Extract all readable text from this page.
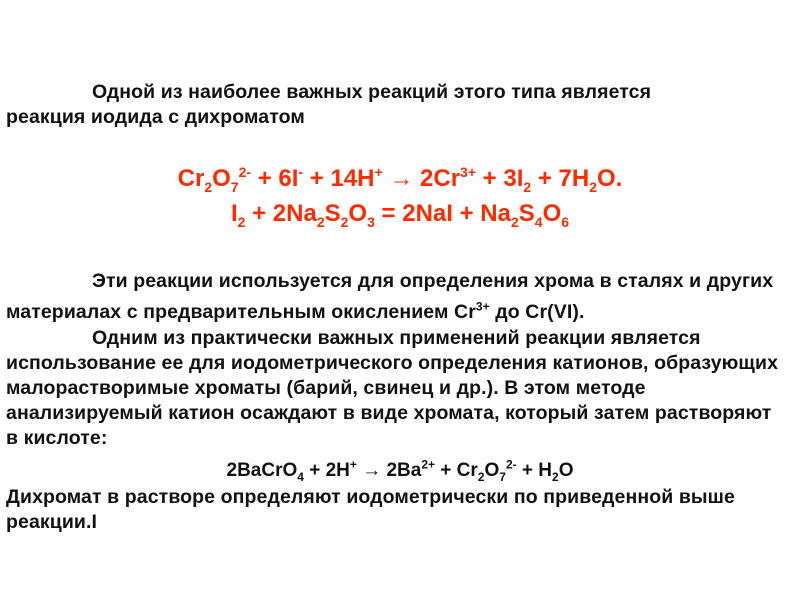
Одной из наиболее важных реакций этого типа является
реакция иодида с дихроматом
$Cr_2O_7^{2-} + 6I^- + 14H^+ \to 2Cr^{3+} + 3I_2 + 7H_2O$.
$I_2 + 2Na_2S_2O_3 = 2NaI + Na_2S_4O_6$
Эти реакции используется для определения хрома в сталях и других материалах с предварительным окислением $Cr^{3+}$ до Cr(VI).
Одним из практически важных применений реакции является использование ее для иодометрического определения катионов, образующих малорастворимые хроматы (барий, свинец и др.). В этом методе анализируемый катион осаждают в виде хромата, который затем растворяют в кислоте:
2BaCrO$_4$ + $2H^+ \to 2Ba^{2+} + Cr_2O_7^{2-} + H_2O$
Дихромат в растворе определяют иодометрически по приведенной выше реакции.I
